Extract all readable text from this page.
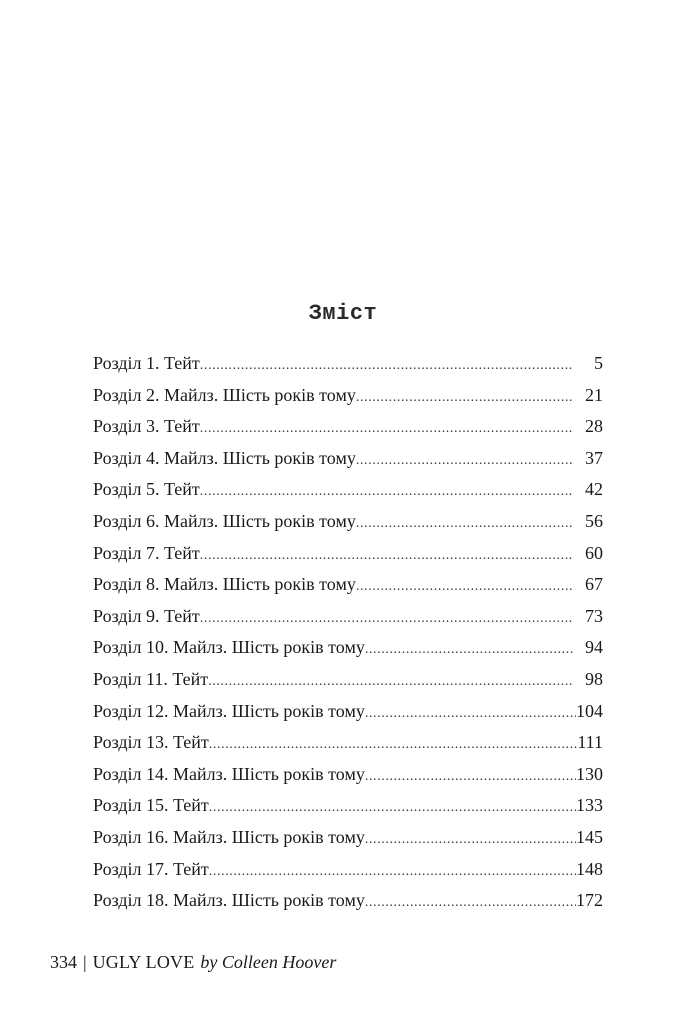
Зміст
Розділ 1. Тейт .....	5
Розділ 2. Майлз. Шість років тому .....	21
Розділ 3. Тейт .....	28
Розділ 4. Майлз. Шість років тому .....	37
Розділ 5. Тейт .....	42
Розділ 6. Майлз. Шість років тому .....	56
Розділ 7. Тейт .....	60
Розділ 8. Майлз. Шість років тому .....	67
Розділ 9. Тейт .....	73
Розділ 10. Майлз. Шість років тому .....	94
Розділ 11. Тейт .....	98
Розділ 12. Майлз. Шість років тому .....	104
Розділ 13. Тейт .....	111
Розділ 14. Майлз. Шість років тому .....	130
Розділ 15. Тейт .....	133
Розділ 16. Майлз. Шість років тому .....	145
Розділ 17. Тейт .....	148
Розділ 18. Майлз. Шість років тому .....	172
334 | UGLY LOVE by Colleen Hoover
